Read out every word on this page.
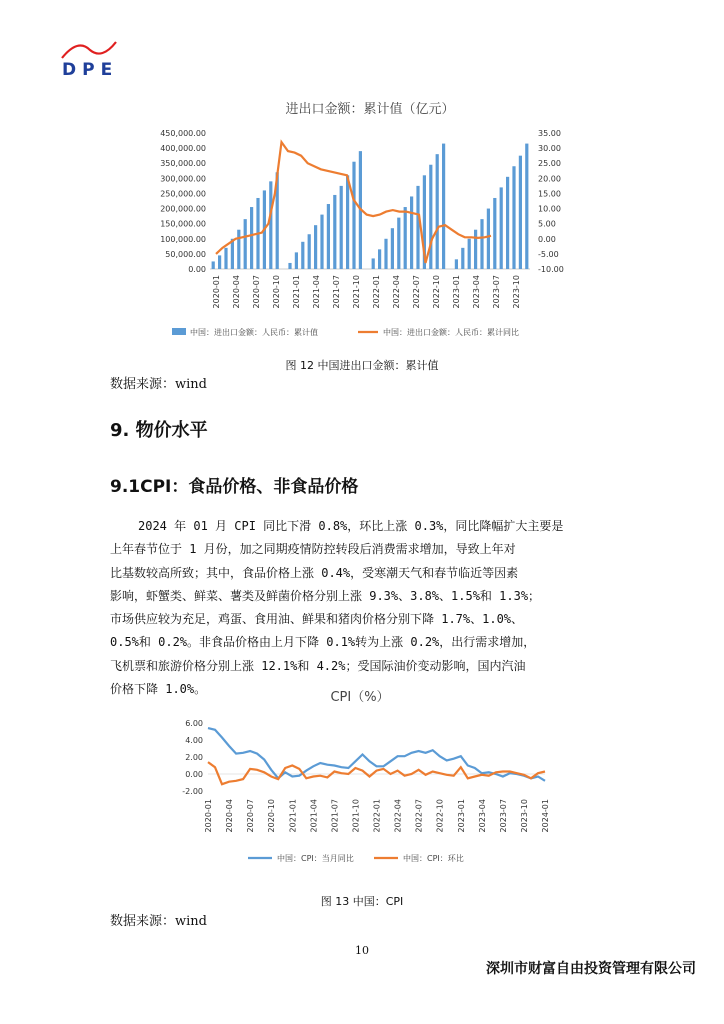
DPE
进出口金额：累计值（亿元）
0.00
50,000.00
100,000.00
150,000.00
200,000.00
250,000.00
300,000.00
350,000.00
400,000.00
450,000.00
-10.00
-5.00
0.00
5.00
10.00
15.00
20.00
25.00
30.00
35.00
2020-01 2020-04 2020-07 2020-10 2021-01 2021-04 2021-07 2021-10 2022-01 2022-04 2022-07 2022-10 2023-01 2023-04 2023-07 2023-10
中国：进出口金额：人民币：累计值	中国：进出口金额：人民币：累计同比
图 12 中国进出口金额：累计值
数据来源：wind
9. 物价水平
9.1CPI：食品价格、非食品价格
2024 年 01 月 CPI 同比下滑 0.8%，环比上涨 0.3%，同比降幅扩大主要是
上年春节位于 1 月份，加之同期疫情防控转段后消费需求增加，导致上年对
比基数较高所致；其中，食品价格上涨 0.4%，受寒潮天气和春节临近等因素
影响，虾蟹类、鲜菜、薯类及鲜菌价格分别上涨 9.3%、3.8%、1.5%和 1.3%；
市场供应较为充足，鸡蛋、食用油、鲜果和猪肉价格分别下降 1.7%、1.0%、
0.5%和 0.2%。非食品价格由上月下降 0.1%转为上涨 0.2%，出行需求增加，
飞机票和旅游价格分别上涨 12.1%和 4.2%；受国际油价变动影响，国内汽油
价格下降 1.0%。
CPI（%）
6.00
4.00
2.00
0.00
-2.00
2020-01 2020-04 2020-07 2020-10 2021-01 2021-04 2021-07 2021-10 2022-01 2022-04 2022-07 2022-10 2023-01 2023-04 2023-07 2023-10 2024-01
中国：CPI：当月同比	中国：CPI：环比
图 13 中国：CPI
数据来源：wind
10
深圳市财富自由投资管理有限公司
